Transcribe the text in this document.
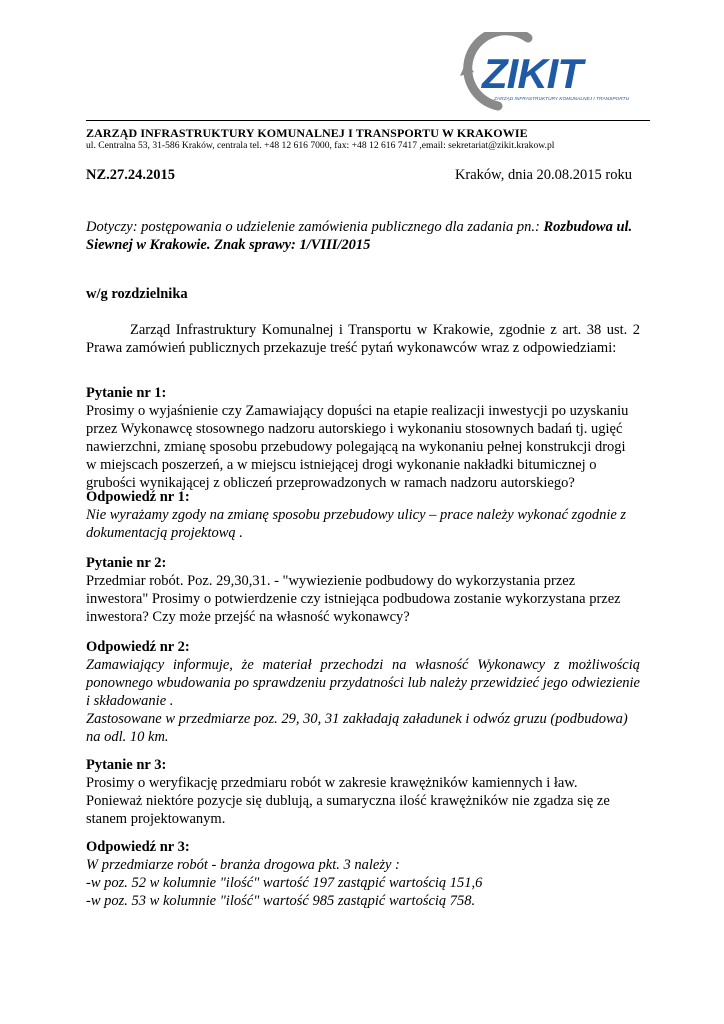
ZIKIT
ZARZĄD INFRASTRUKTURY KOMUNALNEJ I TRANSPORTU
ZARZĄD INFRASTRUKTURY KOMUNALNEJ I TRANSPORTU W KRAKOWIE
ul. Centralna 53, 31-586 Kraków, centrala tel. +48 12 616 7000, fax: +48 12 616 7417 ,email: sekretariat@zikit.krakow.pl
NZ.27.24.2015	Kraków, dnia 20.08.2015 roku
Dotyczy: postępowania o udzielenie zamówienia publicznego dla zadania pn.: Rozbudowa ul. Siewnej w Krakowie. Znak sprawy: 1/VIII/2015
w/g rozdzielnika
Zarząd Infrastruktury Komunalnej i Transportu w Krakowie, zgodnie z art. 38 ust. 2 Prawa zamówień publicznych przekazuje treść pytań wykonawców wraz z odpowiedziami:
Pytanie nr 1:
Prosimy o wyjaśnienie czy Zamawiający dopuści na etapie realizacji inwestycji po uzyskaniu
przez Wykonawcę stosownego nadzoru autorskiego i wykonaniu stosownych badań tj. ugięć
nawierzchni, zmianę sposobu przebudowy polegającą na wykonaniu pełnej konstrukcji drogi
w miejscach poszerzeń, a w miejscu istniejącej drogi wykonanie nakładki bitumicznej o
grubości wynikającej z obliczeń przeprowadzonych w ramach nadzoru autorskiego?
Odpowiedź nr 1:
Nie wyrażamy zgody na zmianę sposobu przebudowy ulicy – prace należy wykonać zgodnie z
dokumentacją projektową .
Pytanie nr 2:
Przedmiar robót. Poz. 29,30,31. - "wywiezienie podbudowy do wykorzystania przez
inwestora" Prosimy o potwierdzenie czy istniejąca podbudowa zostanie wykorzystana przez
inwestora? Czy może przejść na własność wykonawcy?
Odpowiedź nr 2:
Zamawiający informuje, że materiał przechodzi na własność Wykonawcy z możliwością ponownego wbudowania po sprawdzeniu przydatności lub należy przewidzieć jego odwiezienie i składowanie .
Zastosowane w przedmiarze poz. 29, 30, 31 zakładają załadunek i odwóz gruzu (podbudowa) na odl. 10 km.
Pytanie nr 3:
Prosimy o weryfikację przedmiaru robót w zakresie krawężników kamiennych i ław.
Ponieważ niektóre pozycje się dublują, a sumaryczna ilość krawężników nie zgadza się ze
stanem projektowanym.
Odpowiedź nr 3:
W przedmiarze robót - branża drogowa pkt. 3 należy :
-w poz. 52 w kolumnie "ilość" wartość 197 zastąpić wartością 151,6
-w poz. 53 w kolumnie "ilość" wartość 985 zastąpić wartością 758.
